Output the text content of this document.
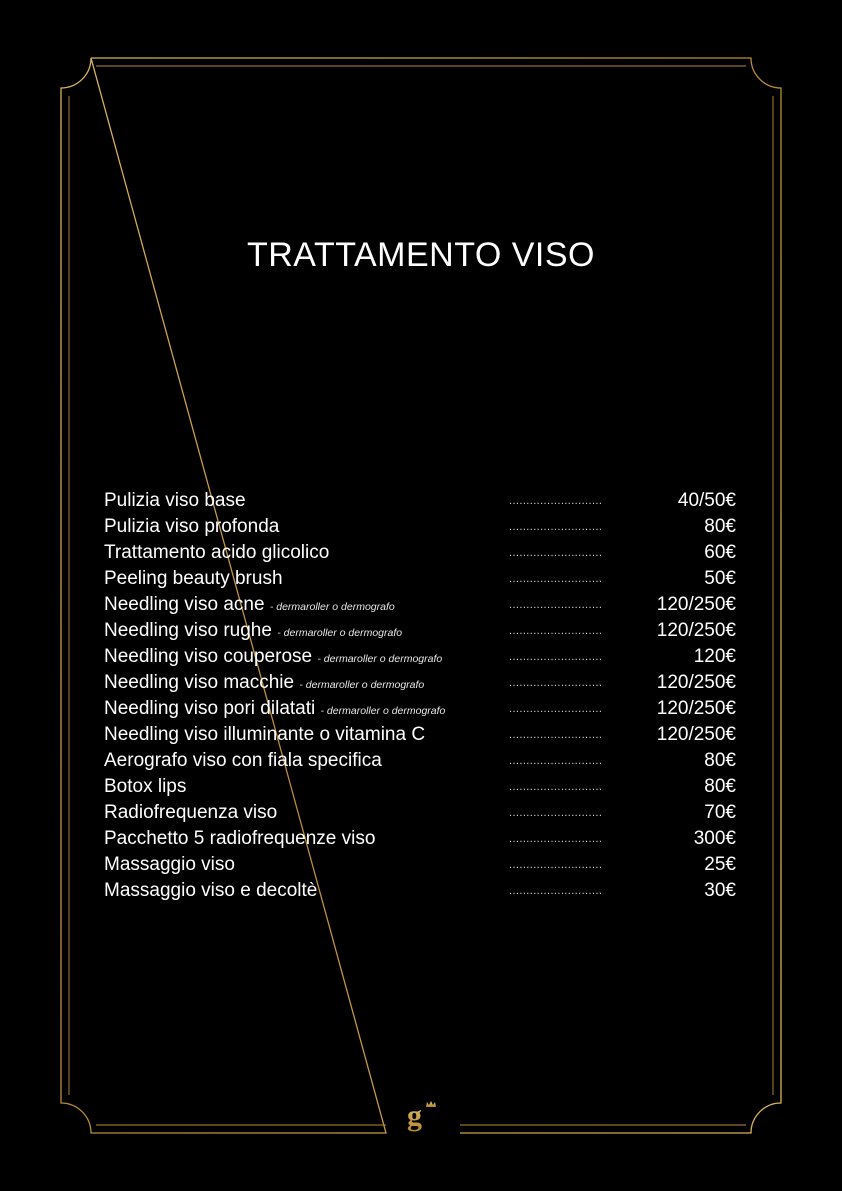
TRATTAMENTO VISO
Pulizia viso base	...........................	40/50€
Pulizia viso profonda	...........................	80€
Trattamento acido glicolico	...........................	60€
Peeling beauty brush	...........................	50€
Needling viso acne - dermaroller o dermografo	...........................	120/250€
Needling viso rughe - dermaroller o dermografo	...........................	120/250€
Needling viso couperose - dermaroller o dermografo	...........................	120€
Needling viso macchie - dermaroller o dermografo	...........................	120/250€
Needling viso pori dilatati - dermaroller o dermografo	...........................	120/250€
Needling viso illuminante o vitamina C	...........................	120/250€
Aerografo viso con fiala specifica	...........................	80€
Botox lips	...........................	80€
Radiofrequenza viso	...........................	70€
Pacchetto 5 radiofrequenze viso	...........................	300€
Massaggio viso	...........................	25€
Massaggio viso e decoltè	...........................	30€
g
